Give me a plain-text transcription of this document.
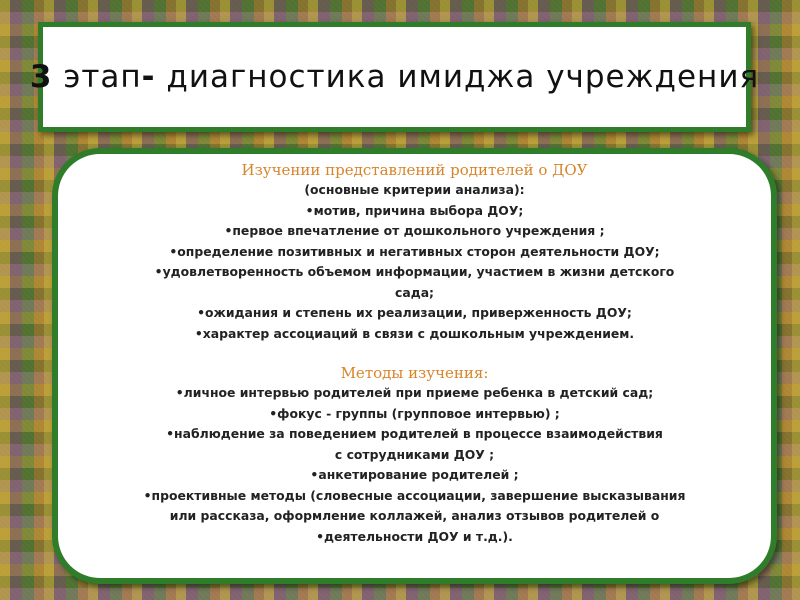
3 этап- диагностика имиджа учреждения

Изучении представлений родителей о ДОУ

(основные критерии анализа):

•мотив, причина выбора ДОУ;

•первое впечатление от дошкольного учреждения ;

•определение позитивных и негативных сторон деятельности ДОУ;

•удовлетворенность объемом информации, участием в жизни детского

сада;

•ожидания и степень их реализации, приверженность ДОУ;

•характер ассоциаций в связи с дошкольным учреждением.

Методы изучения:

•личное интервью родителей при приеме ребенка в детский сад;

•фокус - группы (групповое интервью) ;

•наблюдение за поведением родителей в процессе взаимодействия

с сотрудниками ДОУ ;

•анкетирование родителей ;

•проективные методы (словесные ассоциации, завершение высказывания

или рассказа, оформление коллажей, анализ отзывов родителей о

•деятельности ДОУ и т.д.).
